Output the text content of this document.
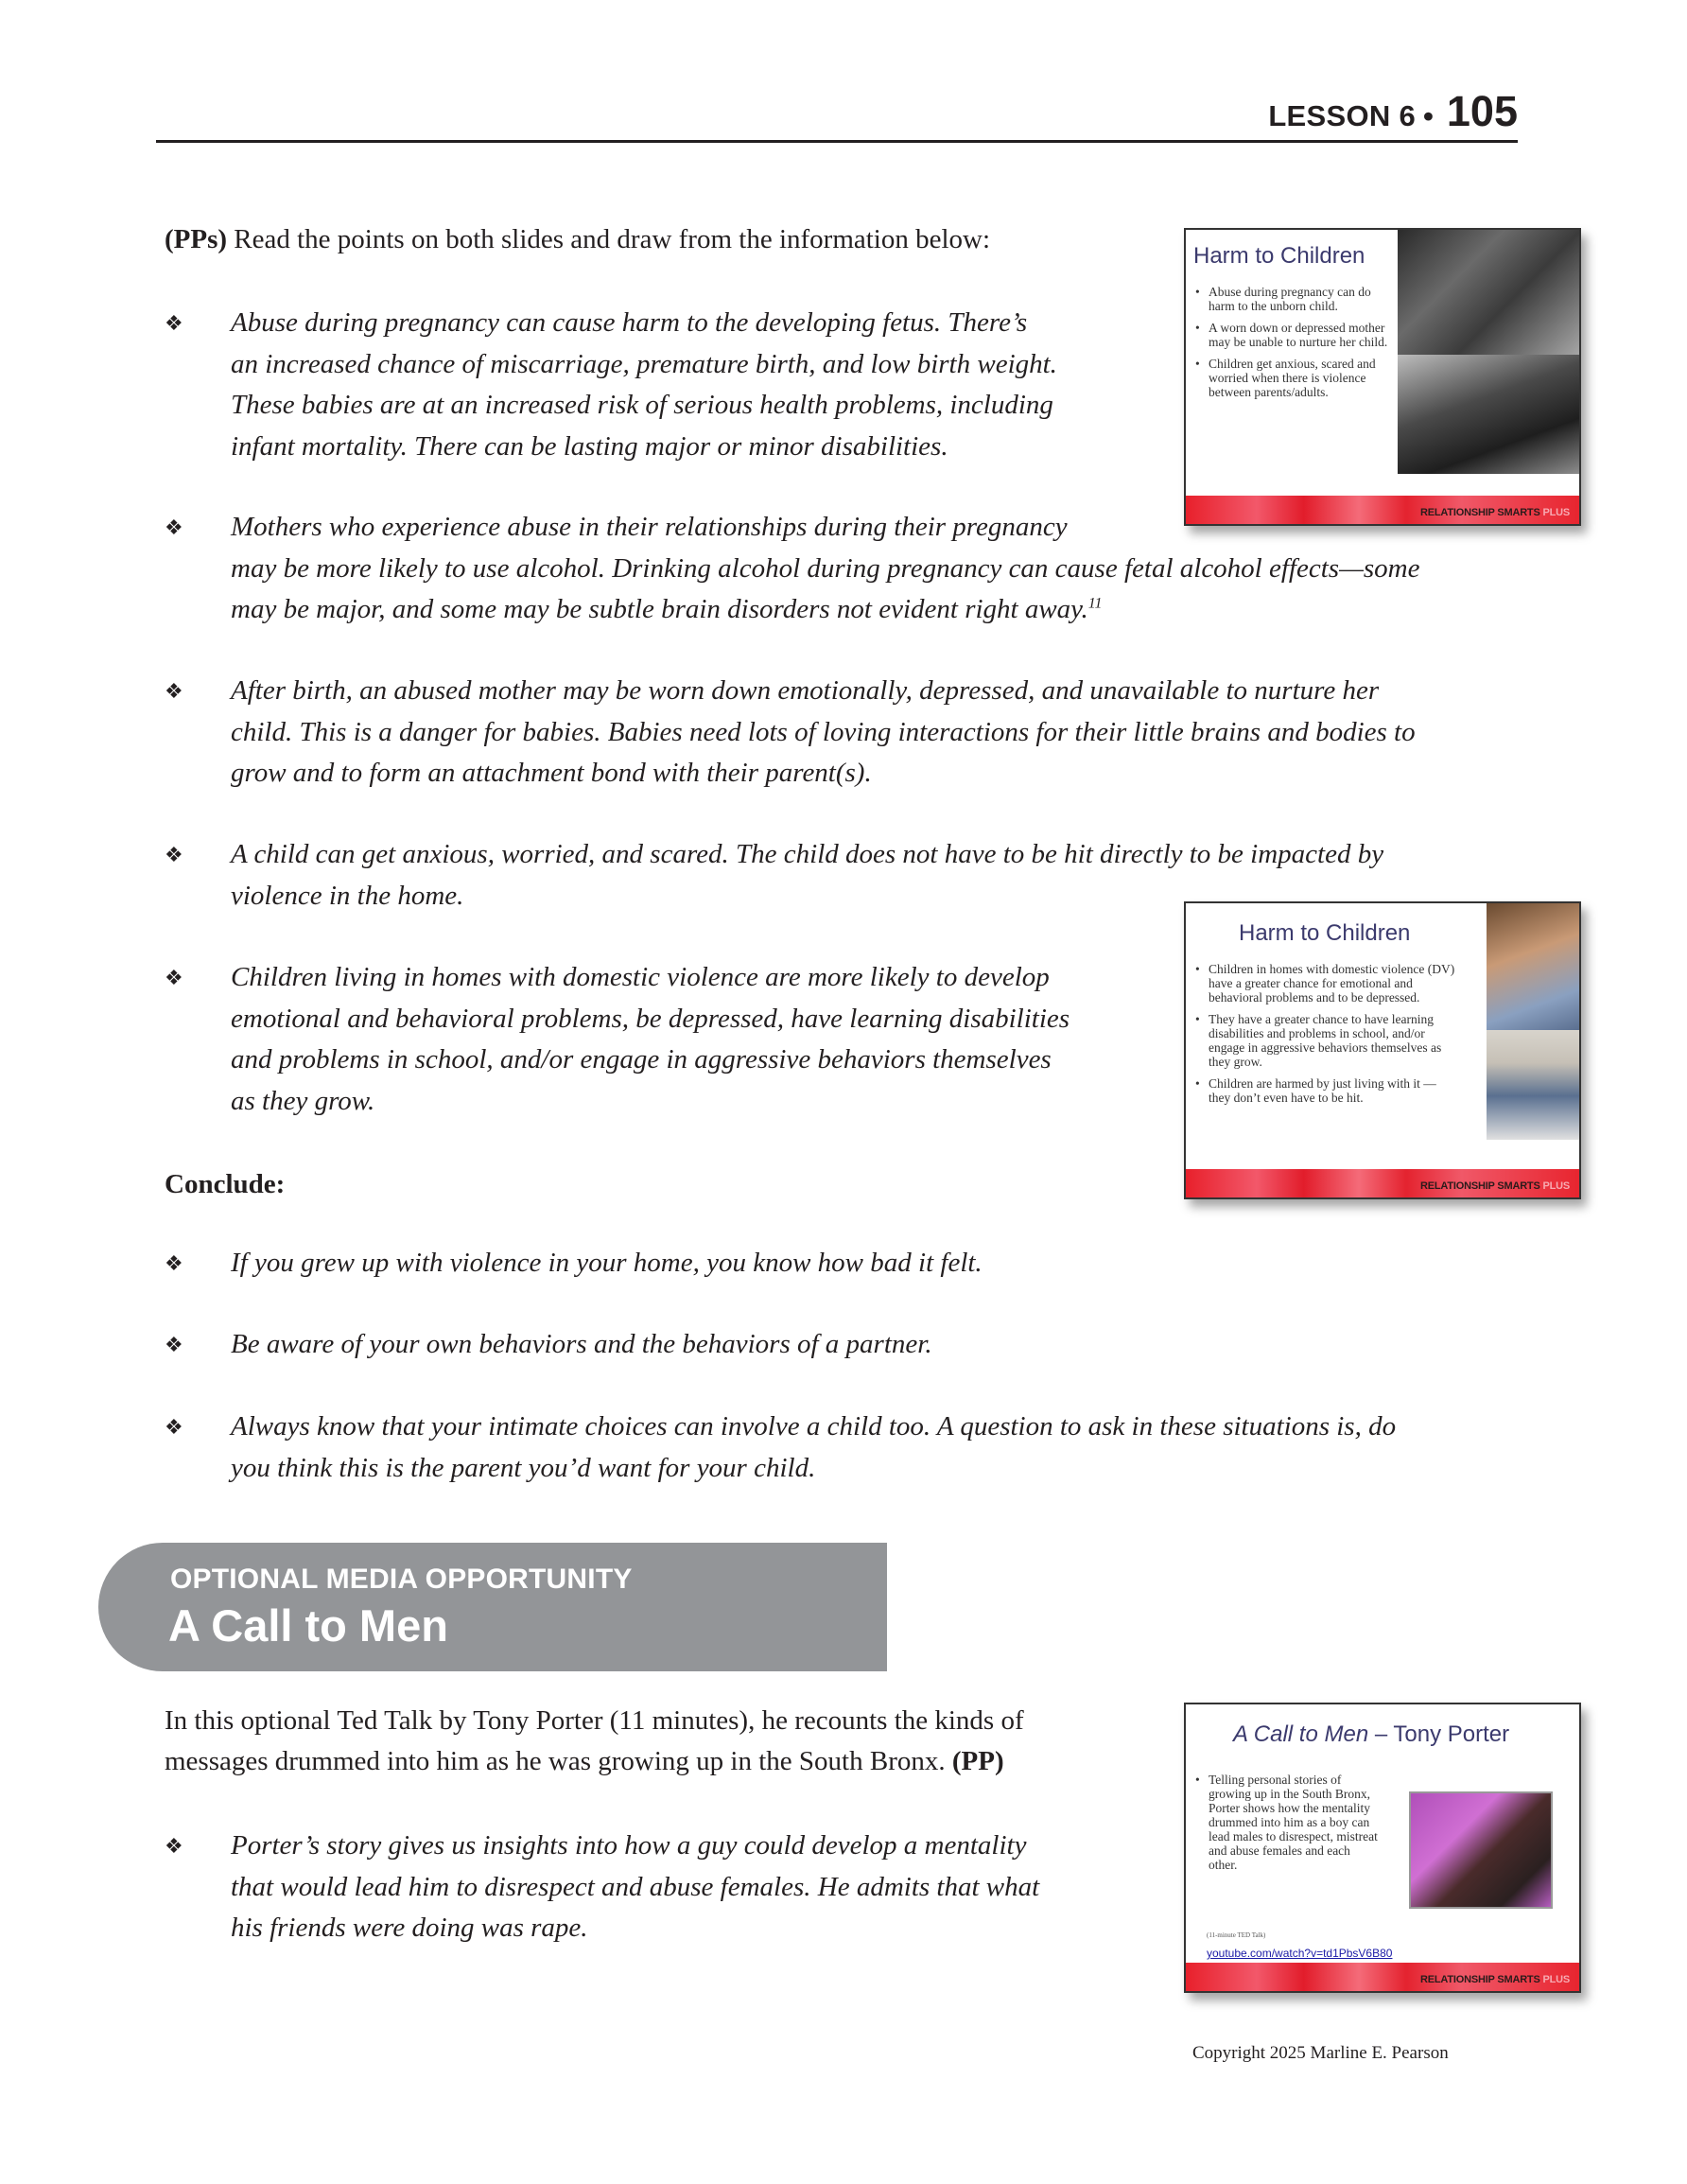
LESSON 6 • 105
(PPs) Read the points on both slides and draw from the information below:
❖	Abuse during pregnancy can cause harm to the developing fetus. There’s
an increased chance of miscarriage, premature birth, and low birth weight.
These babies are at an increased risk of serious health problems, including
infant mortality. There can be lasting major or minor disabilities.
❖	Mothers who experience abuse in their relationships during their pregnancy
may be more likely to use alcohol. Drinking alcohol during pregnancy can cause fetal alcohol effects—some
may be major, and some may be subtle brain disorders not evident right away.$^{11}$
❖	After birth, an abused mother may be worn down emotionally, depressed, and unavailable to nurture her
child. This is a danger for babies. Babies need lots of loving interactions for their little brains and bodies to
grow and to form an attachment bond with their parent(s).
❖	A child can get anxious, worried, and scared. The child does not have to be hit directly to be impacted by
violence in the home.
❖	Children living in homes with domestic violence are more likely to develop
emotional and behavioral problems, be depressed, have learning disabilities
and problems in school, and/or engage in aggressive behaviors themselves
as they grow.
Conclude:
❖	If you grew up with violence in your home, you know how bad it felt.
❖	Be aware of your own behaviors and the behaviors of a partner.
❖	Always know that your intimate choices can involve a child too. A question to ask in these situations is, do
you think this is the parent you’d want for your child.
OPTIONAL MEDIA OPPORTUNITY
A Call to Men
In this optional Ted Talk by Tony Porter (11 minutes), he recounts the kinds of
messages drummed into him as he was growing up in the South Bronx. (PP)
❖	Porter’s story gives us insights into how a guy could develop a mentality
that would lead him to disrespect and abuse females. He admits that what
his friends were doing was rape.
Harm to Children
• Abuse during pregnancy can do harm to the unborn child.
• A worn down or depressed mother may be unable to nurture her child.
• Children get anxious, scared and worried when there is violence between parents/adults.
RELATIONSHIP SMARTS PLUS
Harm to Children
• Children in homes with domestic violence (DV) have a greater chance for emotional and behavioral problems and to be depressed.
• They have a greater chance to have learning disabilities and problems in school, and/or engage in aggressive behaviors themselves as they grow.
• Children are harmed by just living with it —they don’t even have to be hit.
RELATIONSHIP SMARTS PLUS
A Call to Men – Tony Porter
• Telling personal stories of growing up in the South Bronx, Porter shows how the mentality drummed into him as a boy can lead males to disrespect, mistreat and abuse females and each other.
(11-minute TED Talk)
youtube.com/watch?v=td1PbsV6B80
RELATIONSHIP SMARTS PLUS
Copyright 2025 Marline E. Pearson
